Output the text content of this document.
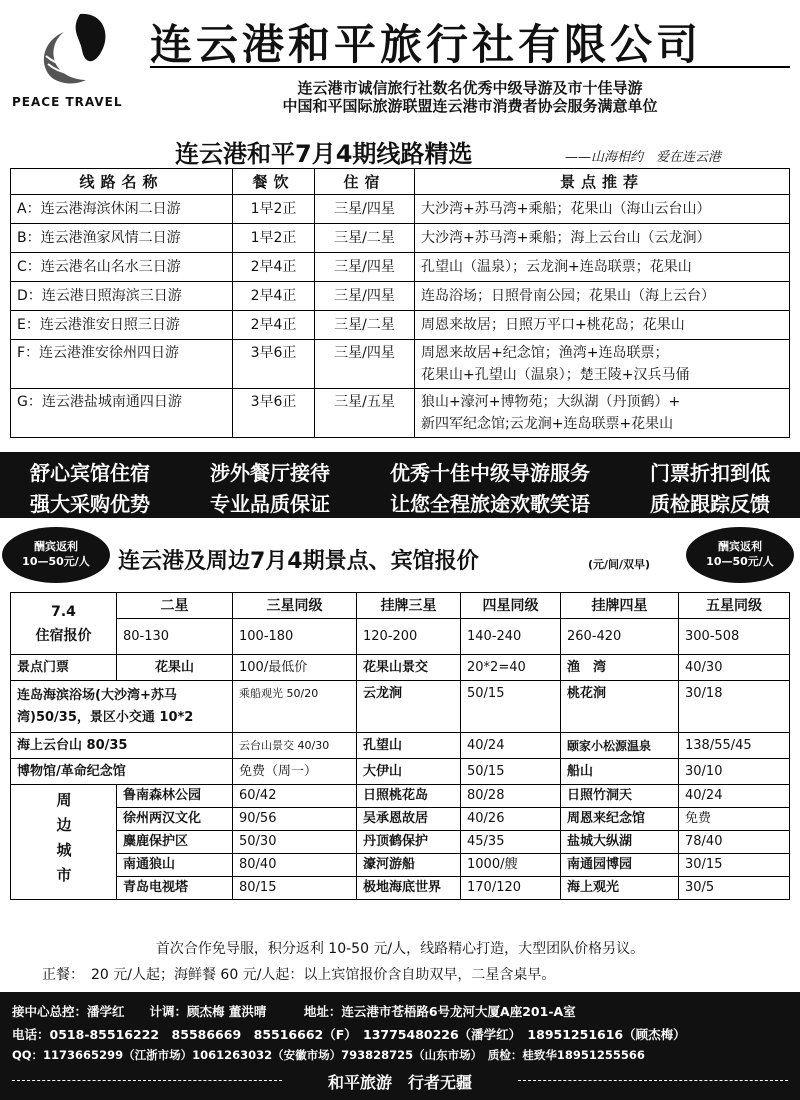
PEACE TRAVEL
连云港和平旅行社有限公司
连云港市诚信旅行社数名优秀中级导游及市十佳导游
中国和平国际旅游联盟连云港市消费者协会服务满意单位
连云港和平7月4期线路精选	——山海相约　爱在连云港
线路名称	餐饮	住宿	景点推荐
A：连云港海滨休闲二日游	1早2正	三星/四星	大沙湾+苏马湾+乘船；花果山（海山云台山）
B：连云港渔家风情二日游	1早2正	三星/二星	大沙湾+苏马湾+乘船；海上云台山（云龙涧）
C：连云港名山名水三日游	2早4正	三星/四星	孔望山（温泉）；云龙涧+连岛联票；花果山
D：连云港日照海滨三日游	2早4正	三星/四星	连岛浴场；日照骨南公园；花果山（海上云台）
E：连云港淮安日照三日游	2早4正	三星/二星	周恩来故居；日照万平口+桃花岛；花果山
F：连云港淮安徐州四日游	3早6正	三星/四星	周恩来故居+纪念馆；渔湾+连岛联票；
花果山+孔望山（温泉）；楚王陵+汉兵马俑
G：连云港盐城南通四日游	3早6正	三星/五星	狼山+濠河+博物苑；大纵湖（丹顶鹤）+
新四军纪念馆;云龙涧+连岛联票+花果山
舒心宾馆住宿	涉外餐厅接待	优秀十佳中级导游服务	门票折扣到低
强大采购优势	专业品质保证	让您全程旅途欢歌笑语	质检跟踪反馈
酬宾返利
10—50元/人
酬宾返利
10—50元/人
连云港及周边7月4期景点、宾馆报价	(元/间/双早)
7.4
住宿报价	二星	三星同级	挂牌三星	四星同级	挂牌四星	五星同级
	80-130	100-180	120-200	140-240	260-420	300-508
景点门票	花果山	100/最低价	花果山景交	20*2=40	渔　湾	40/30
连岛海滨浴场(大沙湾+苏马湾)50/35，景区小交通 10*2		乘船观光 50/20	云龙涧	50/15	桃花涧	30/18
海上云台山 80/35		云台山景交 40/30	孔望山	40/24	颐家小松源温泉	138/55/45
博物馆/革命纪念馆		免费（周一）	大伊山	50/15	船山	30/10
周边城市	鲁南森林公园	60/42	日照桃花岛	80/28	日照竹洞天	40/24
	徐州两汉文化	90/56	吴承恩故居	40/26	周恩来纪念馆	免费
	麋鹿保护区	50/30	丹顶鹤保护	45/35	盐城大纵湖	78/40
	南通狼山	80/40	濠河游船	1000/艘	南通园博园	30/15
	青岛电视塔	80/15	极地海底世界	170/120	海上观光	30/5
首次合作免导服，积分返利 10-50 元/人，线路精心打造，大型团队价格另议。
正餐：　20 元/人起；海鲜餐 60 元/人起：以上宾馆报价含自助双早，二星含桌早。
接中心总控：潘学红　　计调：顾杰梅 董洪晴　　　地址：连云港市苍梧路6号龙河大厦A座201-A室
电话：0518-85516222　85586669　85516662（F）　13775480226（潘学红）　18951251616（顾杰梅）
QQ：1173665299（江浙市场）1061263032（安徽市场）793828725（山东市场）　质检：桂致华18951255566
和平旅游　行者无疆
